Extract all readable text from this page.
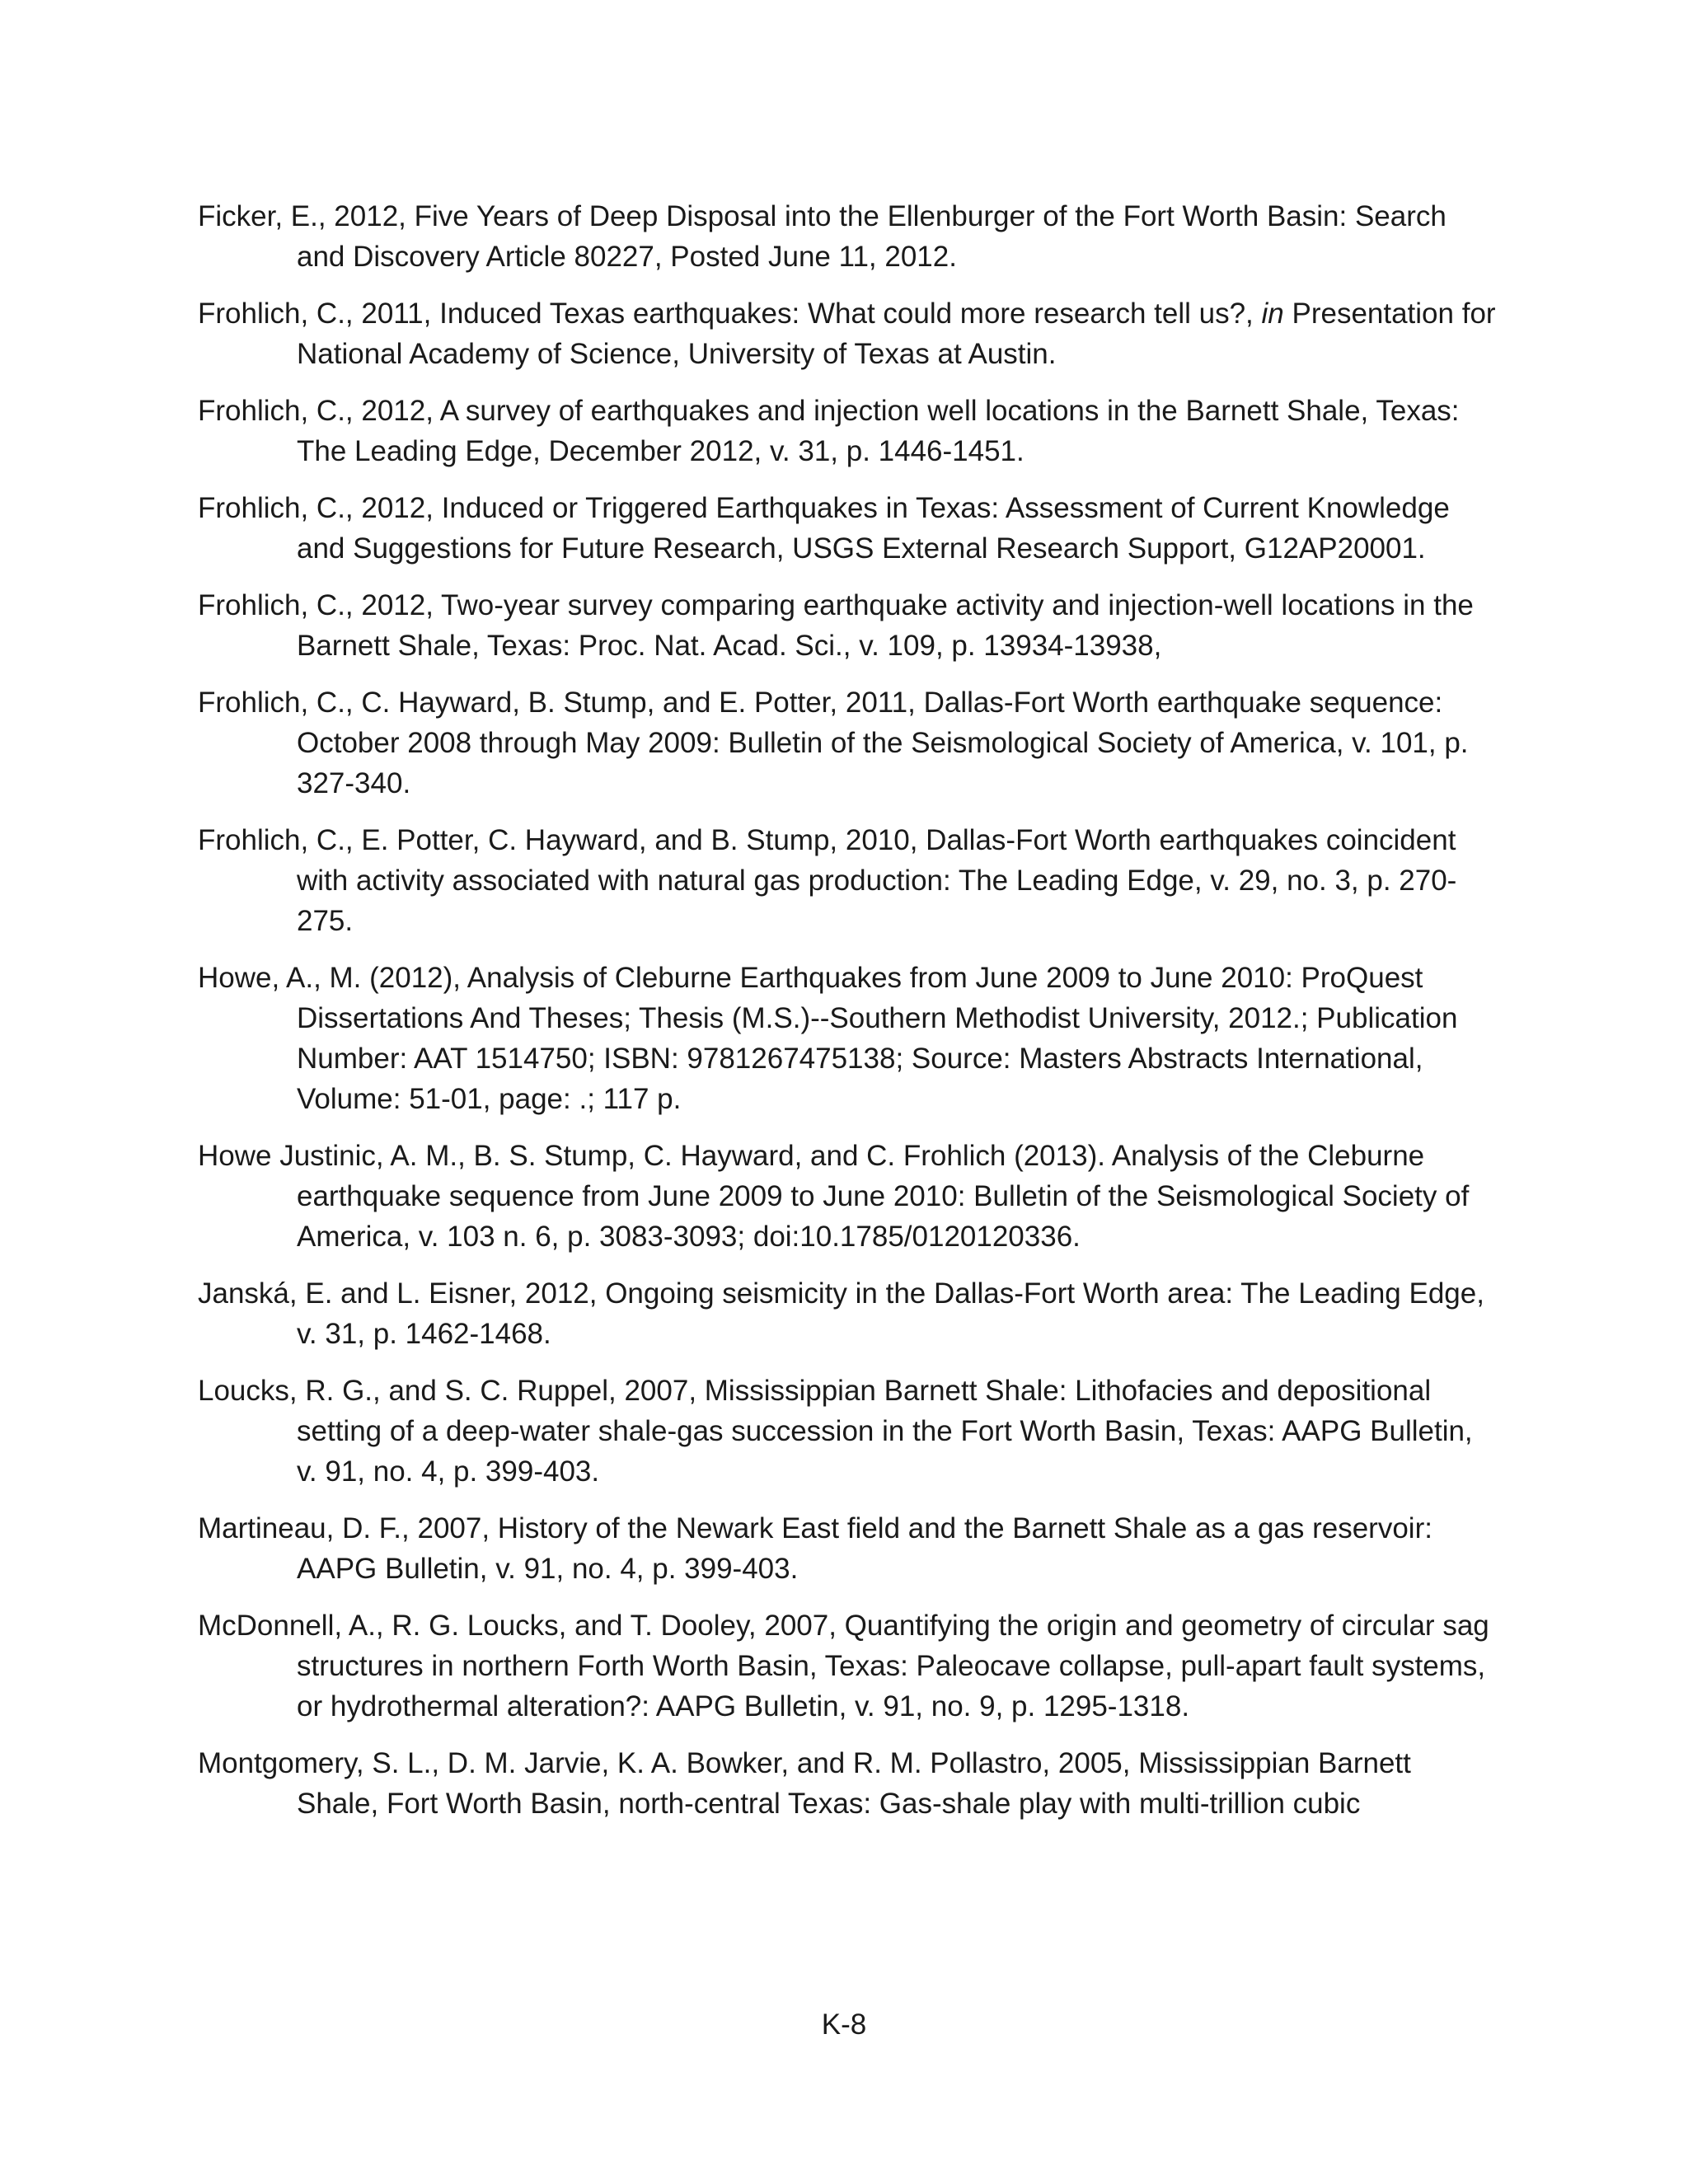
Ficker, E., 2012, Five Years of Deep Disposal into the Ellenburger of the Fort Worth Basin: Search and Discovery Article 80227, Posted June 11, 2012.

Frohlich, C., 2011, Induced Texas earthquakes: What could more research tell us?, in Presentation for National Academy of Science, University of Texas at Austin.

Frohlich, C., 2012, A survey of earthquakes and injection well locations in the Barnett Shale, Texas: The Leading Edge, December 2012, v. 31, p. 1446-1451.

Frohlich, C., 2012, Induced or Triggered Earthquakes in Texas: Assessment of Current Knowledge and Suggestions for Future Research, USGS External Research Support, G12AP20001.

Frohlich, C., 2012, Two-year survey comparing earthquake activity and injection-well locations in the Barnett Shale, Texas: Proc. Nat. Acad. Sci., v. 109, p. 13934-13938,

Frohlich, C., C. Hayward, B. Stump, and E. Potter, 2011, Dallas-Fort Worth earthquake sequence: October 2008 through May 2009: Bulletin of the Seismological Society of America, v. 101, p. 327-340.

Frohlich, C., E. Potter, C. Hayward, and B. Stump, 2010, Dallas-Fort Worth earthquakes coincident with activity associated with natural gas production: The Leading Edge, v. 29, no. 3, p. 270-275.

Howe, A., M. (2012), Analysis of Cleburne Earthquakes from June 2009 to June 2010: ProQuest Dissertations And Theses; Thesis (M.S.)--Southern Methodist University, 2012.; Publication Number: AAT 1514750; ISBN: 9781267475138; Source: Masters Abstracts International, Volume: 51-01, page: .; 117 p.

Howe Justinic, A. M., B. S. Stump, C. Hayward, and C. Frohlich (2013). Analysis of the Cleburne earthquake sequence from June 2009 to June 2010: Bulletin of the Seismological Society of America, v. 103 n. 6, p. 3083-3093; doi:10.1785/0120120336.

Janská, E. and L. Eisner, 2012, Ongoing seismicity in the Dallas-Fort Worth area: The Leading Edge, v. 31, p. 1462-1468.

Loucks, R. G., and S. C. Ruppel, 2007, Mississippian Barnett Shale: Lithofacies and depositional setting of a deep-water shale-gas succession in the Fort Worth Basin, Texas: AAPG Bulletin, v. 91, no. 4, p. 399-403.

Martineau, D. F., 2007, History of the Newark East field and the Barnett Shale as a gas reservoir: AAPG Bulletin, v. 91, no. 4, p. 399-403.

McDonnell, A., R. G. Loucks, and T. Dooley, 2007, Quantifying the origin and geometry of circular sag structures in northern Forth Worth Basin, Texas: Paleocave collapse, pull-apart fault systems, or hydrothermal alteration?: AAPG Bulletin, v. 91, no. 9, p. 1295-1318.

Montgomery, S. L., D. M. Jarvie, K. A. Bowker, and R. M. Pollastro, 2005, Mississippian Barnett Shale, Fort Worth Basin, north-central Texas: Gas-shale play with multi-trillion cubic

K-8
